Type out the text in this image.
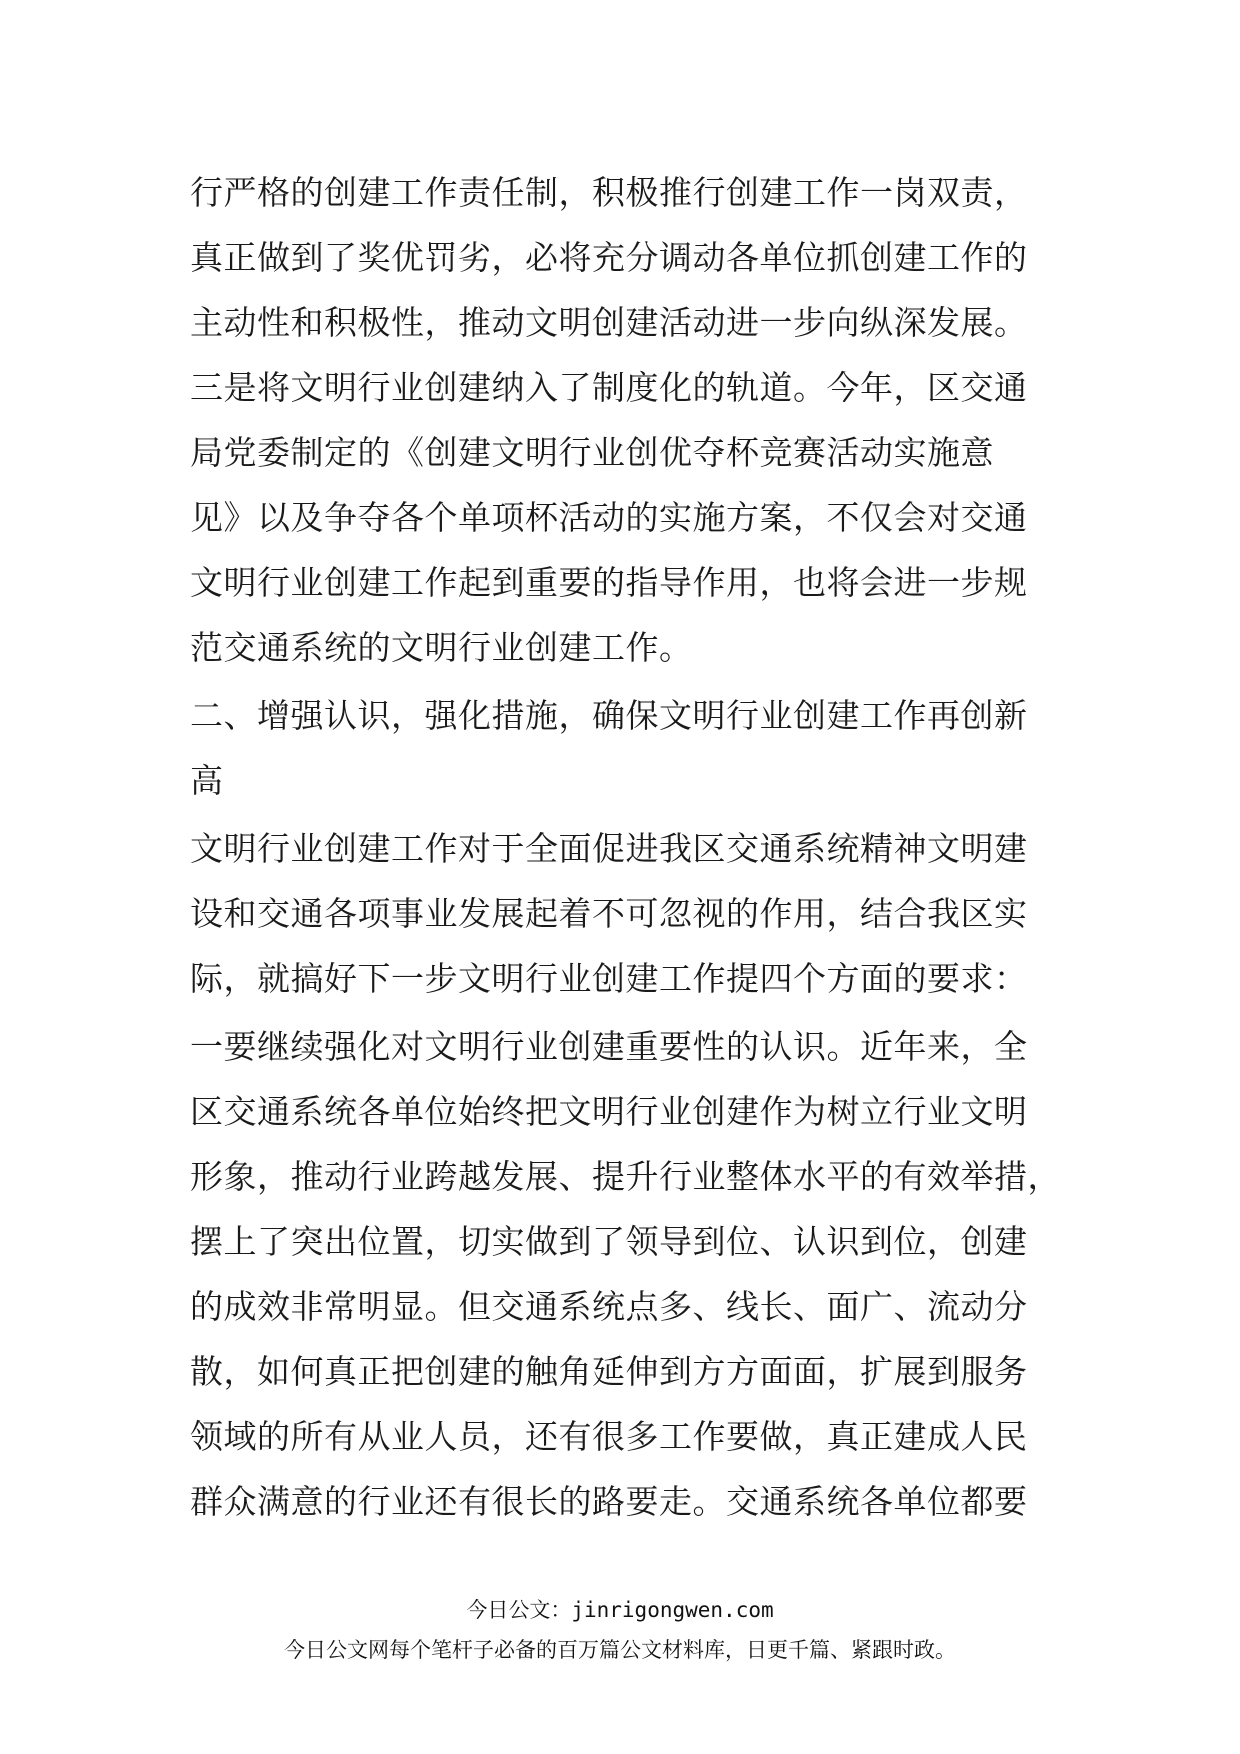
行严格的创建工作责任制，积极推行创建工作一岗双责，
真正做到了奖优罚劣，必将充分调动各单位抓创建工作的
主动性和积极性，推动文明创建活动进一步向纵深发展。
三是将文明行业创建纳入了制度化的轨道。今年，区交通
局党委制定的《创建文明行业创优夺杯竞赛活动实施意
见》以及争夺各个单项杯活动的实施方案，不仅会对交通
文明行业创建工作起到重要的指导作用，也将会进一步规
范交通系统的文明行业创建工作。
二、增强认识，强化措施，确保文明行业创建工作再创新
高
文明行业创建工作对于全面促进我区交通系统精神文明建
设和交通各项事业发展起着不可忽视的作用，结合我区实
际，就搞好下一步文明行业创建工作提四个方面的要求：
一要继续强化对文明行业创建重要性的认识。近年来，全
区交通系统各单位始终把文明行业创建作为树立行业文明
形象，推动行业跨越发展、提升行业整体水平的有效举措，
摆上了突出位置，切实做到了领导到位、认识到位，创建
的成效非常明显。但交通系统点多、线长、面广、流动分
散，如何真正把创建的触角延伸到方方面面，扩展到服务
领域的所有从业人员，还有很多工作要做，真正建成人民
群众满意的行业还有很长的路要走。交通系统各单位都要
今日公文：jinrigongwen.com
今日公文网每个笔杆子必备的百万篇公文材料库，日更千篇、紧跟时政。
